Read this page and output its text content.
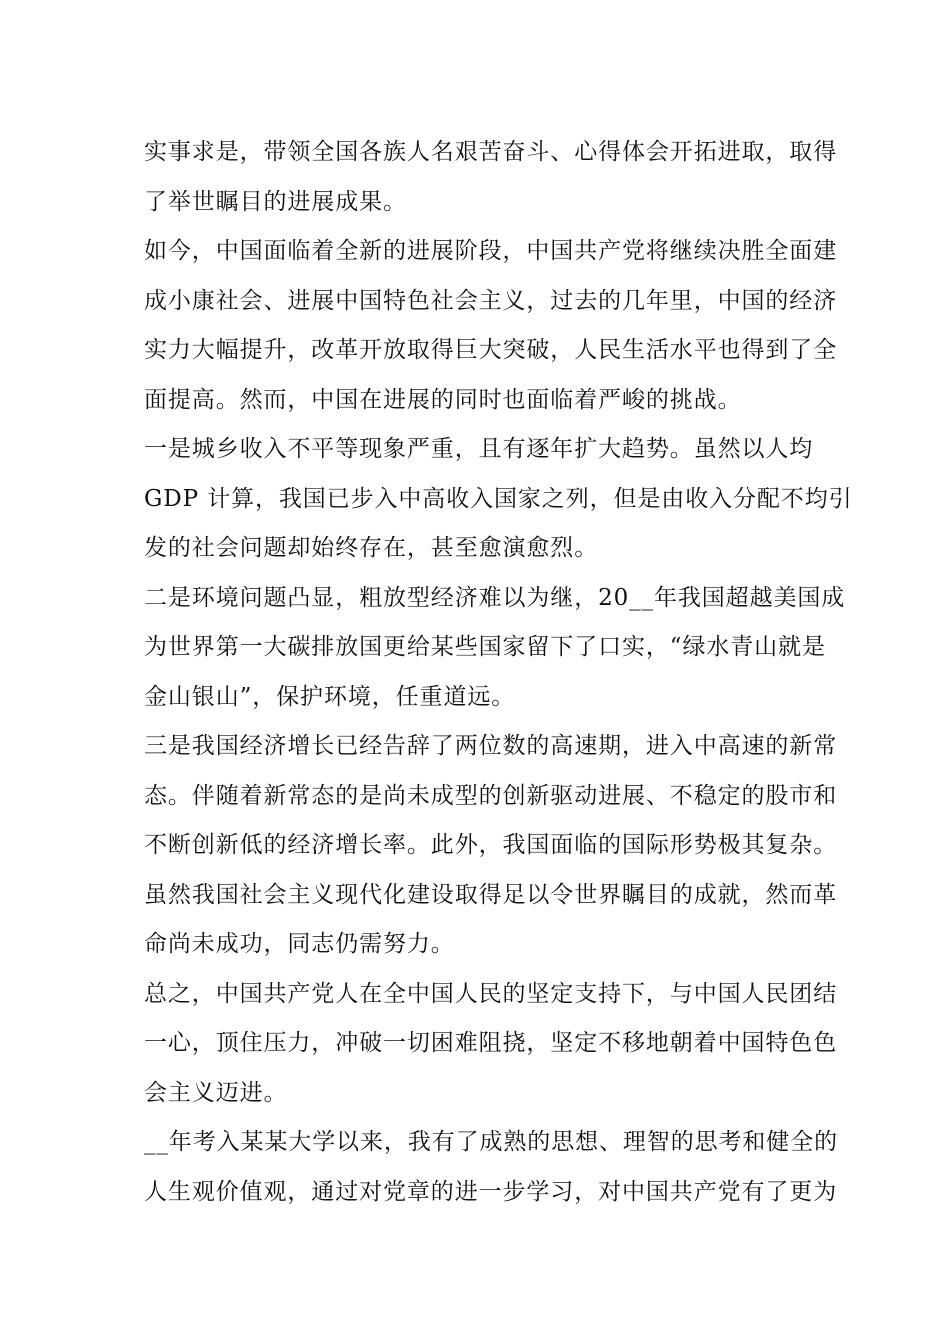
实事求是，带领全国各族人名艰苦奋斗、心得体会开拓进取，取得
了举世瞩目的进展成果。
如今，中国面临着全新的进展阶段，中国共产党将继续决胜全面建
成小康社会、进展中国特色社会主义，过去的几年里，中国的经济
实力大幅提升，改革开放取得巨大突破，人民生活水平也得到了全
面提高。然而，中国在进展的同时也面临着严峻的挑战。
一是城乡收入不平等现象严重，且有逐年扩大趋势。虽然以人均
GDP 计算，我国已步入中高收入国家之列，但是由收入分配不均引
发的社会问题却始终存在，甚至愈演愈烈。
二是环境问题凸显，粗放型经济难以为继，20__年我国超越美国成
为世界第一大碳排放国更给某些国家留下了口实，“绿水青山就是
金山银山”，保护环境，任重道远。
三是我国经济增长已经告辞了两位数的高速期，进入中高速的新常
态。伴随着新常态的是尚未成型的创新驱动进展、不稳定的股市和
不断创新低的经济增长率。此外，我国面临的国际形势极其复杂。
虽然我国社会主义现代化建设取得足以令世界瞩目的成就，然而革
命尚未成功，同志仍需努力。
总之，中国共产党人在全中国人民的坚定支持下，与中国人民团结
一心，顶住压力，冲破一切困难阻挠，坚定不移地朝着中国特色色
会主义迈进。
__年考入某某大学以来，我有了成熟的思想、理智的思考和健全的
人生观价值观，通过对党章的进一步学习，对中国共产党有了更为
